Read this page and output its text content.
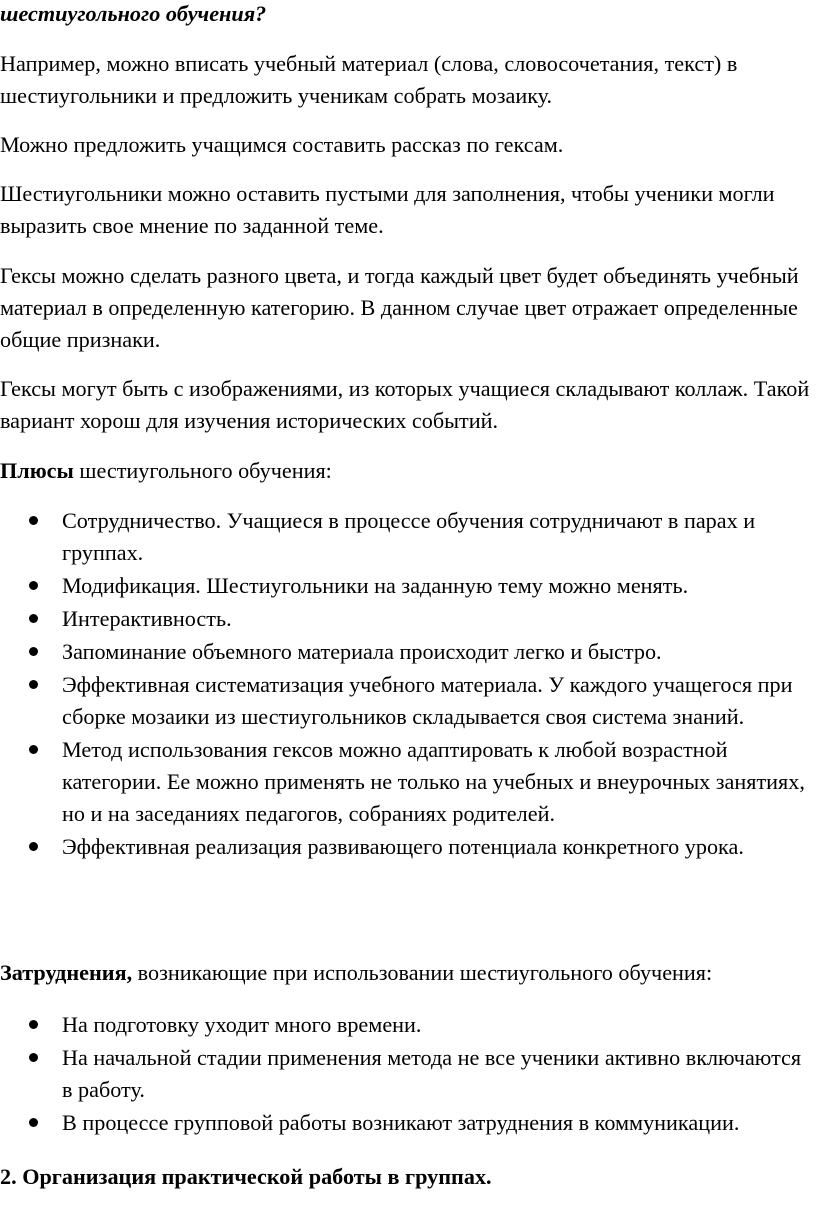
шестиугольного обучения?

Например, можно вписать учебный материал (слова, словосочетания, текст) в шестиугольники и предложить ученикам собрать мозаику.

Можно предложить учащимся составить рассказ по гексам.

Шестиугольники можно оставить пустыми для заполнения, чтобы ученики могли выразить свое мнение по заданной теме.

Гексы можно сделать разного цвета, и тогда каждый цвет будет объединять учебный материал в определенную категорию. В данном случае цвет отражает определенные общие признаки.

Гексы могут быть с изображениями, из которых учащиеся складывают коллаж. Такой вариант хорош для изучения исторических событий.

Плюсы шестиугольного обучения:

Сотрудничество. Учащиеся в процессе обучения сотрудничают в парах и группах.
Модификация. Шестиугольники на заданную тему можно менять.
Интерактивность.
Запоминание объемного материала происходит легко и быстро.
Эффективная систематизация учебного материала. У каждого учащегося при сборке мозаики из шестиугольников складывается своя система знаний.
Метод использования гексов можно адаптировать к любой возрастной категории. Ее можно применять не только на учебных и внеурочных занятиях, но и на заседаниях педагогов, собраниях родителей.
Эффективная реализация развивающего потенциала конкретного урока.

Затруднения, возникающие при использовании шестиугольного обучения:

На подготовку уходит много времени.
На начальной стадии применения метода не все ученики активно включаются в работу.
В процессе групповой работы возникают затруднения в коммуникации.

2. Организация практической работы в группах.
